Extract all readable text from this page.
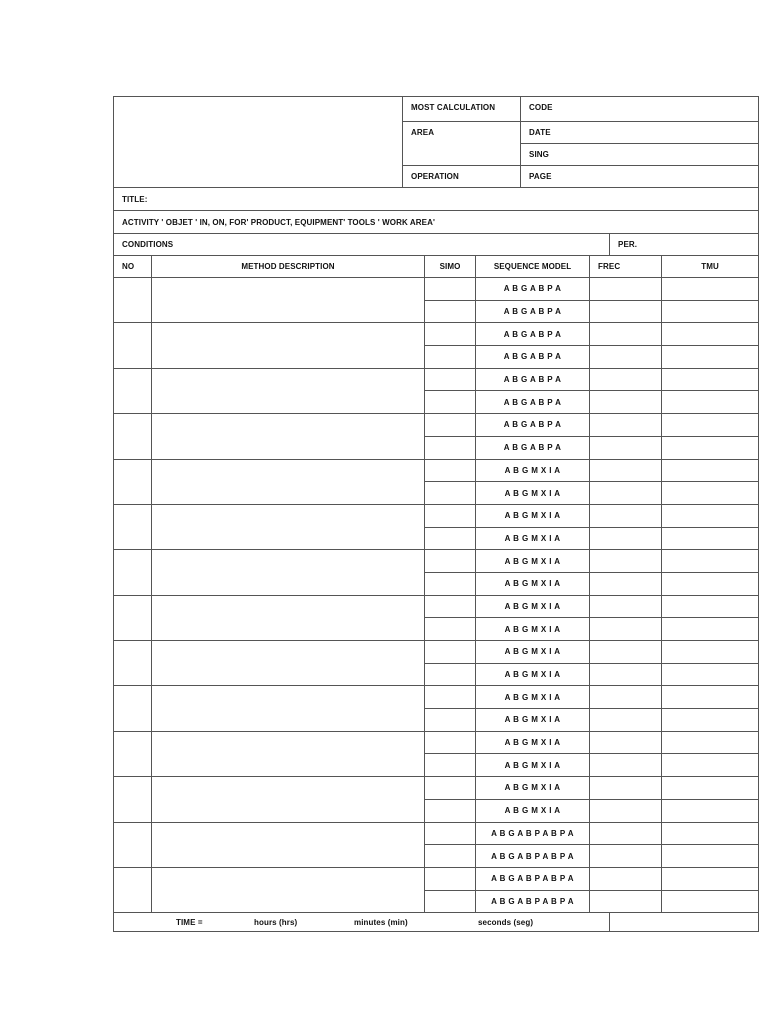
		MOST CALCULATION			CODE				
		AREA			DATE				
					SING				
		OPERATION			PAGE				
TITLE:									
ACTIVITY ' OBJET ' IN, ON, FOR' PRODUCT, EQUIPMENT' TOOLS ' WORK AREA'									
CONDITIONS							PER.		
NO	METHOD DESCRIPTION		SIMO	SEQUENCE MODEL		FREC		TMU	
				A B G A B P A					
				A B G A B P A					
				A B G A B P A					
				A B G A B P A					
				A B G A B P A					
				A B G A B P A					
				A B G A B P A					
				A B G A B P A					
				A B G M X I A					
				A B G M X I A					
				A B G M X I A					
				A B G M X I A					
				A B G M X I A					
				A B G M X I A					
				A B G M X I A					
				A B G M X I A					
				A B G M X I A					
				A B G M X I A					
				A B G M X I A					
				A B G M X I A					
				A B G M X I A					
				A B G M X I A					
				A B G M X I A					
				A B G M X I A					
				A B G A B P A B P A					
				A B G A B P A B P A					
				A B G A B P A B P A					
				A B G A B P A B P A					
TIME = hours (hrs) minutes (min) seconds (seg)									
